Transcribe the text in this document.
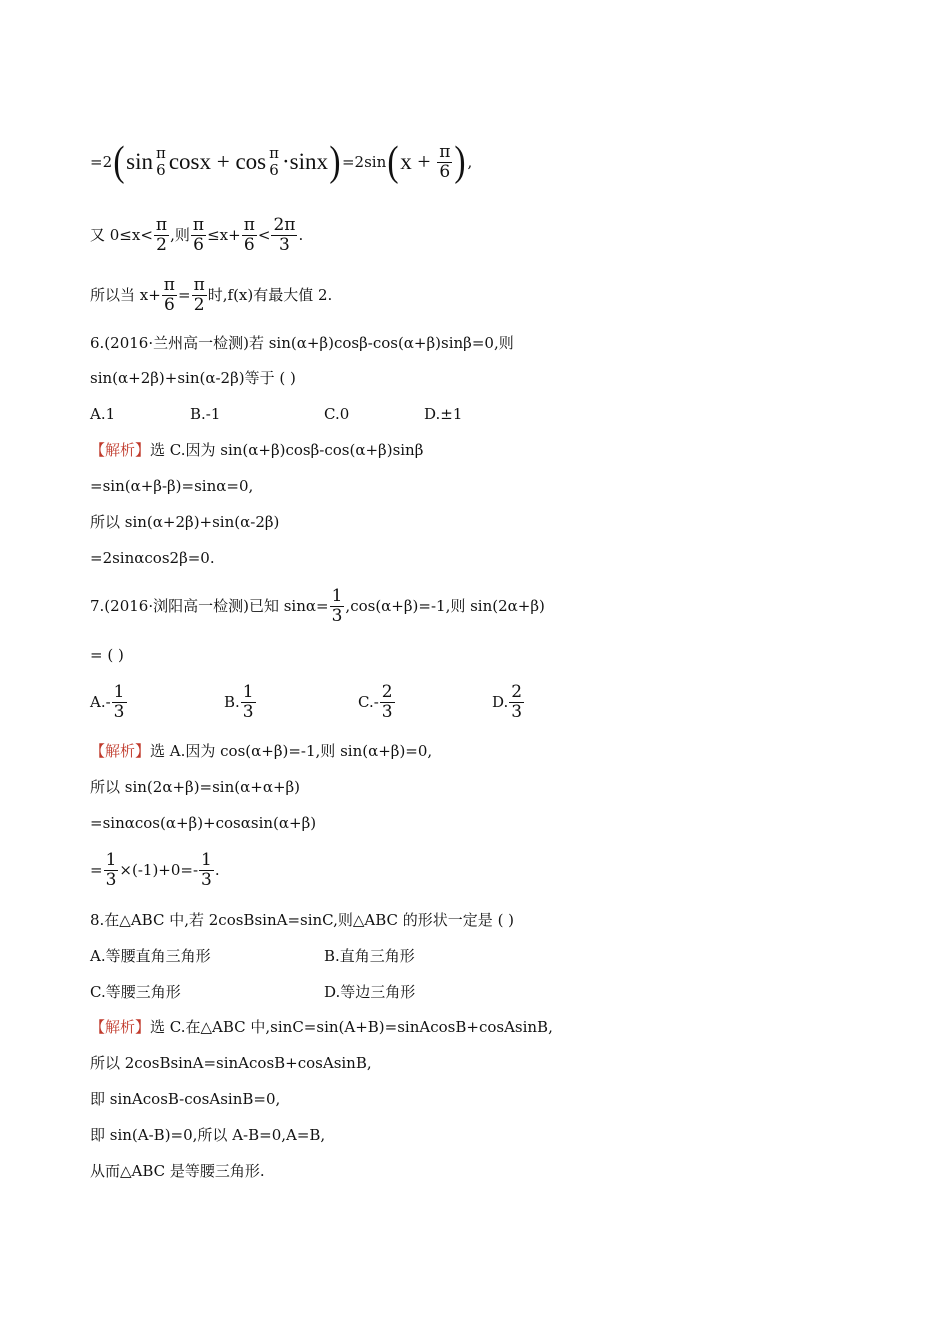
=2(sin π
6 cosx + cos π
$6 \cdot\sin x)=2\sin(x + \frac{\pi}{6}$ ),
又 $0\le x< \frac{\pi}{2}$ ,则 $\frac{\pi}{6} \le x+ \frac{\pi}{6} < \frac{2\pi}{3}$ .
所以当 $x+ \frac{\pi}{6} = \frac{\pi}{2}$ 时,f(x)有最大值 2.
6.(2016·兰州高一检测)若 sin(α+β)cosβ-cos(α+β)sinβ=0,则
sin(α+2β)+sin(α-2β)等于 ( )
A.1	B.-1	C.0	D.±1
【解析】选 C.因为 sin(α+β)cosβ-cos(α+β)sinβ
=sin(α+β-β)=sinα=0,
所以 sin(α+2β)+sin(α-2β)
=2sinαcos2β=0.
7.(2016·浏阳高一检测)已知 $\sin\alpha= \frac{1}{3} ,\cos(\alpha+\beta)=-1$,则 sin(2α+β)
= ( )
$A.- \frac{1}{3}$	B. $\frac{1}{3}$	$C.- \frac{2}{3}$	D. $\frac{2}{3}$
【解析】选 A.因为 cos(α+β)=-1,则 sin(α+β)=0,
所以 sin(2α+β)=sin(α+α+β)
=sinαcos(α+β)+cosαsin(α+β)
= $\frac{1}{3} \times(-1)+0=- \frac{1}{3}$ .
8.在△ABC 中,若 2cosBsinA=sinC,则△ABC 的形状一定是 ( )
A.等腰直角三角形	B.直角三角形
C.等腰三角形	D.等边三角形
【解析】选 C.在△ABC 中,sinC=sin(A+B)=sinAcosB+cosAsinB,
所以 2cosBsinA=sinAcosB+cosAsinB,
即 sinAcosB-cosAsinB=0,
即 sin(A-B)=0,所以 A-B=0,A=B,
从而△ABC 是等腰三角形.
